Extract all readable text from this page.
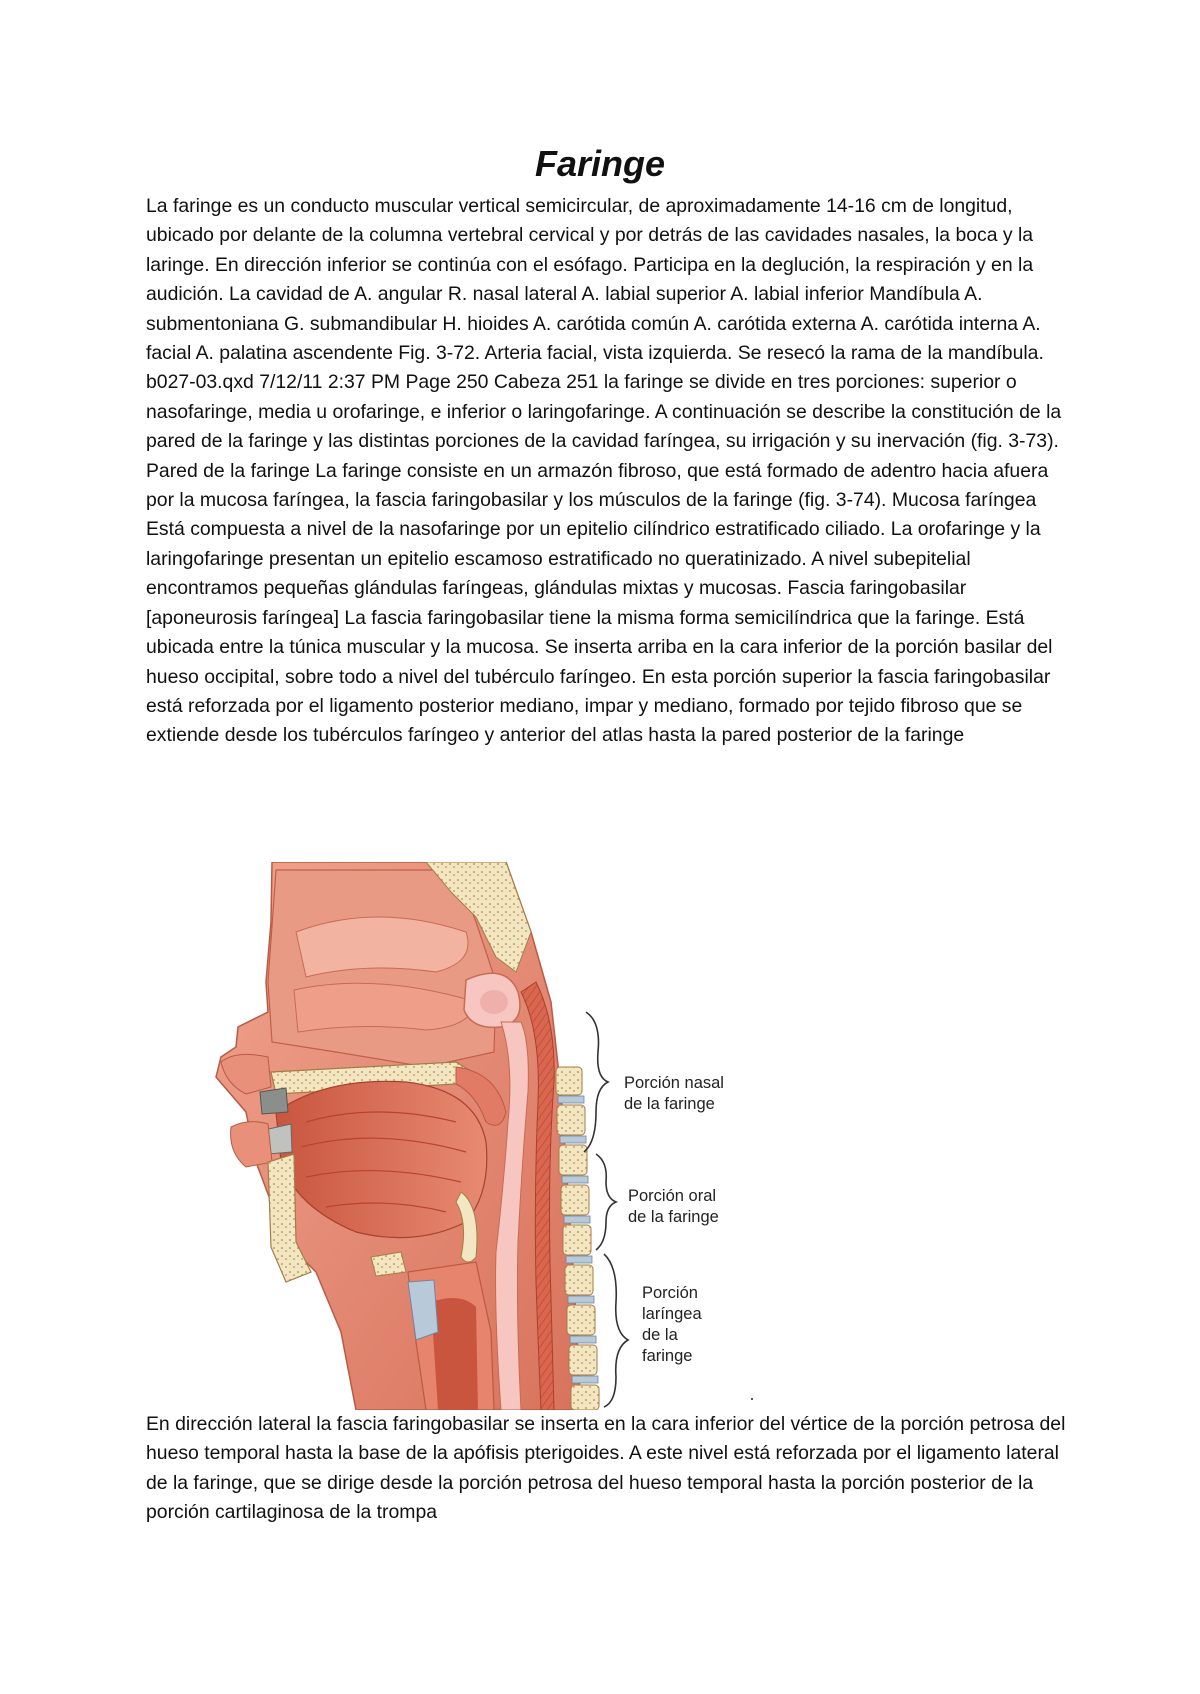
Faringe
La faringe es un conducto muscular vertical semicircular, de aproximadamente 14-16 cm de longitud, ubicado por delante de la columna vertebral cervical y por detrás de las cavidades nasales, la boca y la laringe. En dirección inferior se continúa con el esófago. Participa en la deglución, la respiración y en la audición. La cavidad de A. angular R. nasal lateral A. labial superior A. labial inferior Mandíbula A. submentoniana G. submandibular H. hioides A. carótida común A. carótida externa A. carótida interna A. facial A. palatina ascendente Fig. 3-72. Arteria facial, vista izquierda. Se resecó la rama de la mandíbula. b027-03.qxd 7/12/11 2:37 PM Page 250 Cabeza 251 la faringe se divide en tres porciones: superior o nasofaringe, media u orofaringe, e inferior o laringofaringe. A continuación se describe la constitución de la pared de la faringe y las distintas porciones de la cavidad faríngea, su irrigación y su inervación (fig. 3-73). Pared de la faringe La faringe consiste en un armazón fibroso, que está formado de adentro hacia afuera por la mucosa faríngea, la fascia faringobasilar y los músculos de la faringe (fig. 3-74). Mucosa faríngea Está compuesta a nivel de la nasofaringe por un epitelio cilíndrico estratificado ciliado. La orofaringe y la laringofaringe presentan un epitelio escamoso estratificado no queratinizado. A nivel subepitelial encontramos pequeñas glándulas faríngeas, glándulas mixtas y mucosas. Fascia faringobasilar [aponeurosis faríngea] La fascia faringobasilar tiene la misma forma semicilíndrica que la faringe. Está ubicada entre la túnica muscular y la mucosa. Se inserta arriba en la cara inferior de la porción basilar del hueso occipital, sobre todo a nivel del tubérculo faríngeo. En esta porción superior la fascia faringobasilar está reforzada por el ligamento posterior mediano, impar y mediano, formado por tejido fibroso que se extiende desde los tubérculos faríngeo y anterior del atlas hasta la pared posterior de la faringe
Porción nasal
de la faringe
Porción oral
de la faringe
Porción
laríngea
de la
faringe
En dirección lateral la fascia faringobasilar se inserta en la cara inferior del vértice de la porción petrosa del hueso temporal hasta la base de la apófisis pterigoides. A este nivel está reforzada por el ligamento lateral de la faringe, que se dirige desde la porción petrosa del hueso temporal hasta la porción posterior de la porción cartilaginosa de la trompa
